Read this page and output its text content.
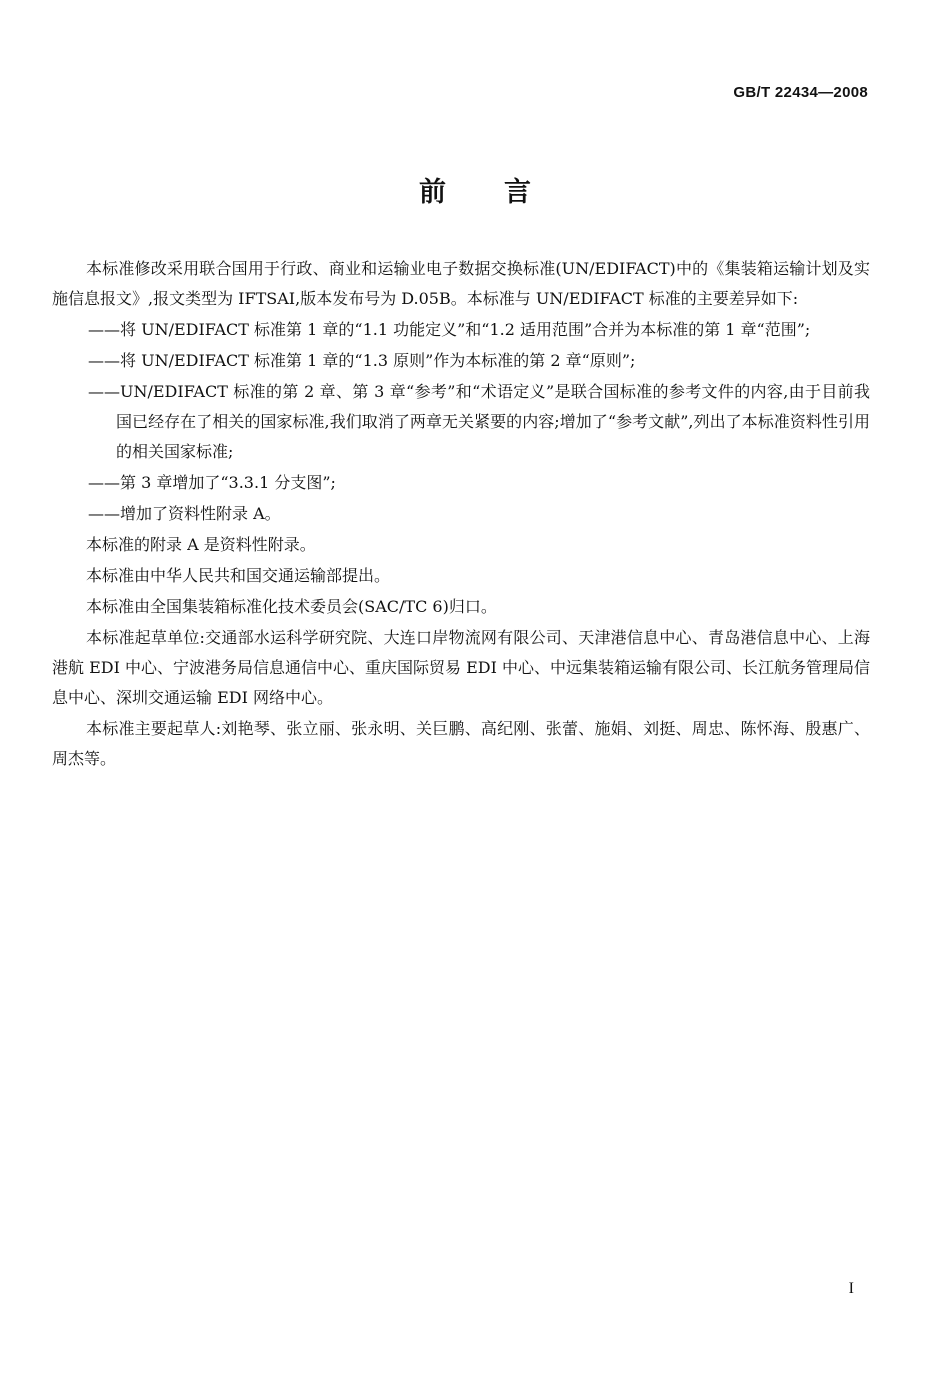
GB/T 22434—2008
前言

本标准修改采用联合国用于行政、商业和运输业电子数据交换标准(UN/EDIFACT)中的《集装箱运输计划及实施信息报文》,报文类型为 IFTSAI,版本发布号为 D.05B。本标准与 UN/EDIFACT 标准的主要差异如下:

——将 UN/EDIFACT 标准第 1 章的“1.1 功能定义”和“1.2 适用范围”合并为本标准的第 1 章“范围”;

——将 UN/EDIFACT 标准第 1 章的“1.3 原则”作为本标准的第 2 章“原则”;

——UN/EDIFACT 标准的第 2 章、第 3 章“参考”和“术语定义”是联合国标准的参考文件的内容,由于目前我国已经存在了相关的国家标准,我们取消了两章无关紧要的内容;增加了“参考文献”,列出了本标准资料性引用的相关国家标准;

——第 3 章增加了“3.3.1 分支图”;

——增加了资料性附录 A。

本标准的附录 A 是资料性附录。

本标准由中华人民共和国交通运输部提出。

本标准由全国集装箱标准化技术委员会(SAC/TC 6)归口。

本标准起草单位:交通部水运科学研究院、大连口岸物流网有限公司、天津港信息中心、青岛港信息中心、上海港航 EDI 中心、宁波港务局信息通信中心、重庆国际贸易 EDI 中心、中远集装箱运输有限公司、长江航务管理局信息中心、深圳交通运输 EDI 网络中心。

本标准主要起草人:刘艳琴、张立丽、张永明、关巨鹏、高纪刚、张蕾、施娟、刘挺、周忠、陈怀海、殷惠广、周杰等。

I
